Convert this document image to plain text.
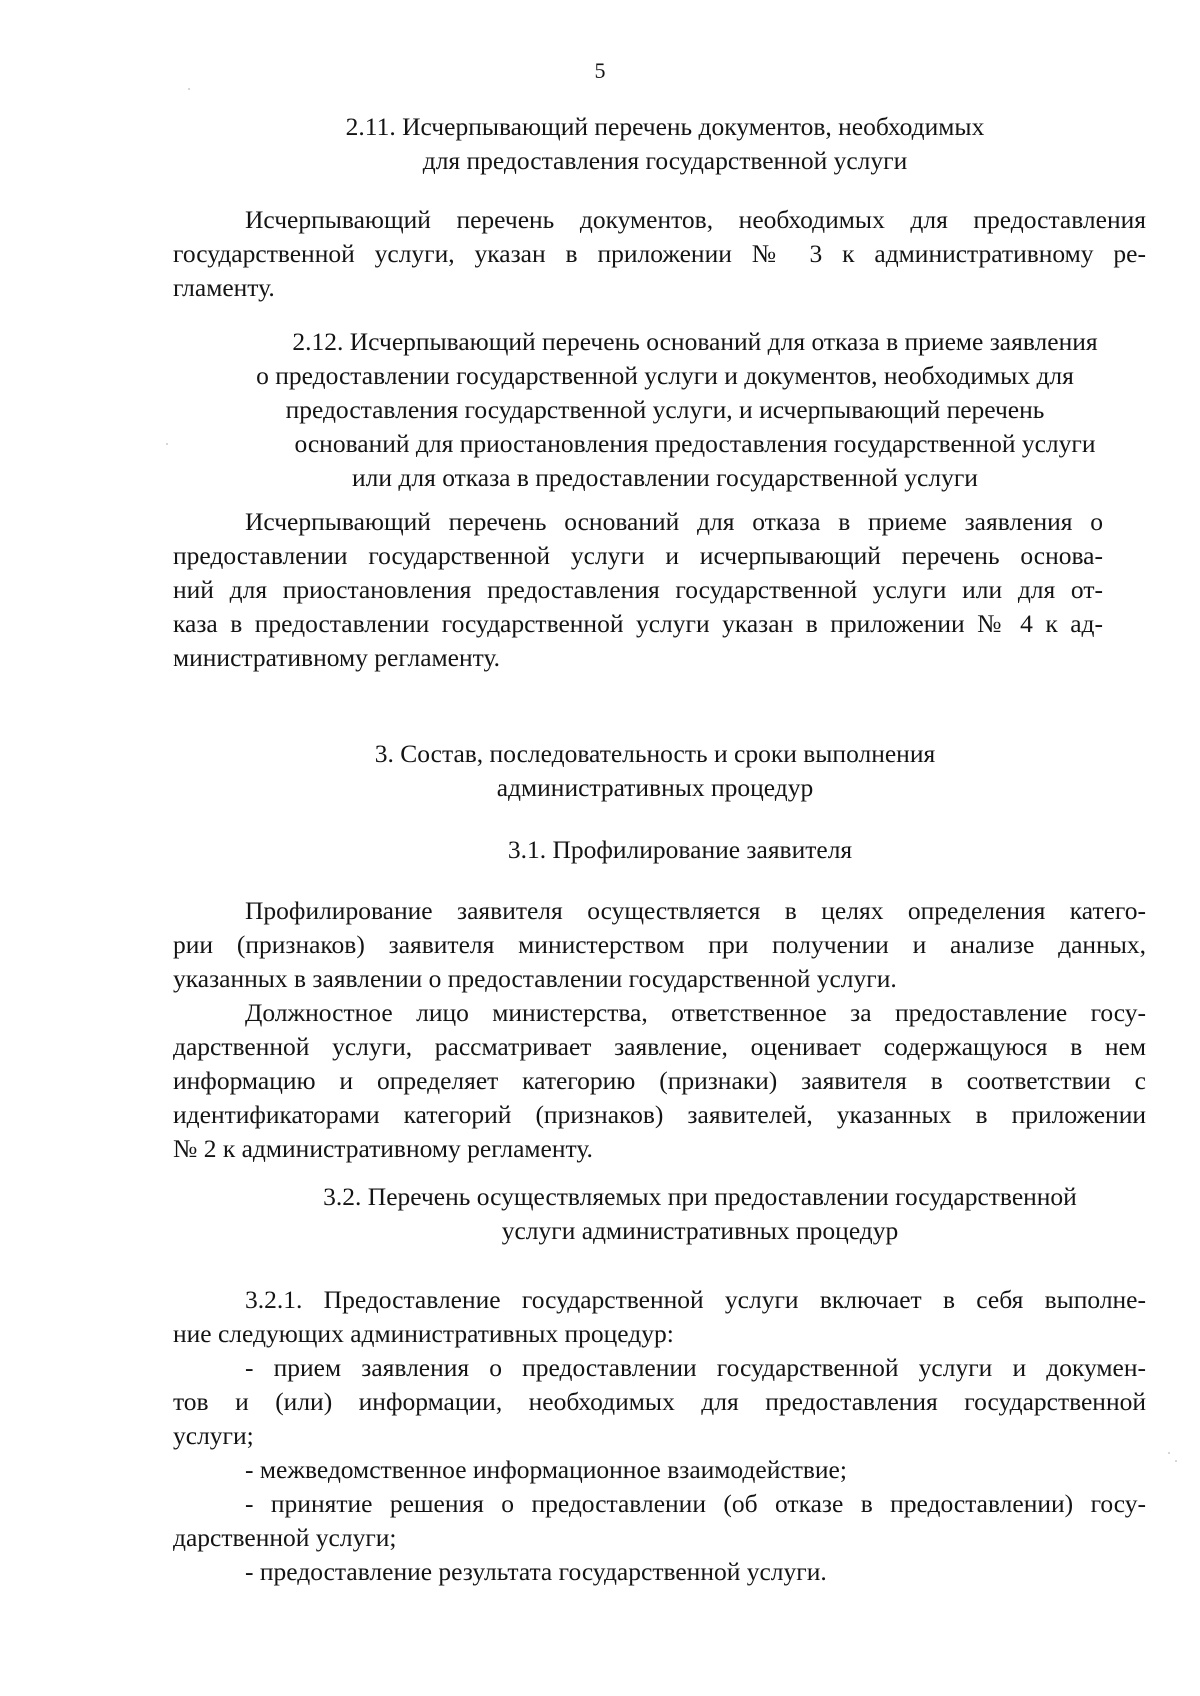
5
2.11. Исчерпывающий перечень документов, необходимых
для предоставления государственной услуги
Исчерпывающий перечень документов, необходимых для предоставления
государственной услуги, указан в приложении № 3 к административному ре-
гламенту.
2.12. Исчерпывающий перечень оснований для отказа в приеме заявления
о предоставлении государственной услуги и документов, необходимых для
предоставления государственной услуги, и исчерпывающий перечень
оснований для приостановления предоставления государственной услуги
или для отказа в предоставлении государственной услуги
Исчерпывающий перечень оснований для отказа в приеме заявления о
предоставлении государственной услуги и исчерпывающий перечень основа-
ний для приостановления предоставления государственной услуги или для от-
каза в предоставлении государственной услуги указан в приложении № 4 к ад-
министративному регламенту.
3. Состав, последовательность и сроки выполнения
административных процедур
3.1. Профилирование заявителя
Профилирование заявителя осуществляется в целях определения катего-
рии (признаков) заявителя министерством при получении и анализе данных,
указанных в заявлении о предоставлении государственной услуги.
Должностное лицо министерства, ответственное за предоставление госу-
дарственной услуги, рассматривает заявление, оценивает содержащуюся в нем
информацию и определяет категорию (признаки) заявителя в соответствии с
идентификаторами категорий (признаков) заявителей, указанных в приложении
№ 2 к административному регламенту.
3.2. Перечень осуществляемых при предоставлении государственной
услуги административных процедур
3.2.1. Предоставление государственной услуги включает в себя выполне-
ние следующих административных процедур:
- прием заявления о предоставлении государственной услуги и докумен-
тов и (или) информации, необходимых для предоставления государственной
услуги;
- межведомственное информационное взаимодействие;
- принятие решения о предоставлении (об отказе в предоставлении) госу-
дарственной услуги;
- предоставление результата государственной услуги.
